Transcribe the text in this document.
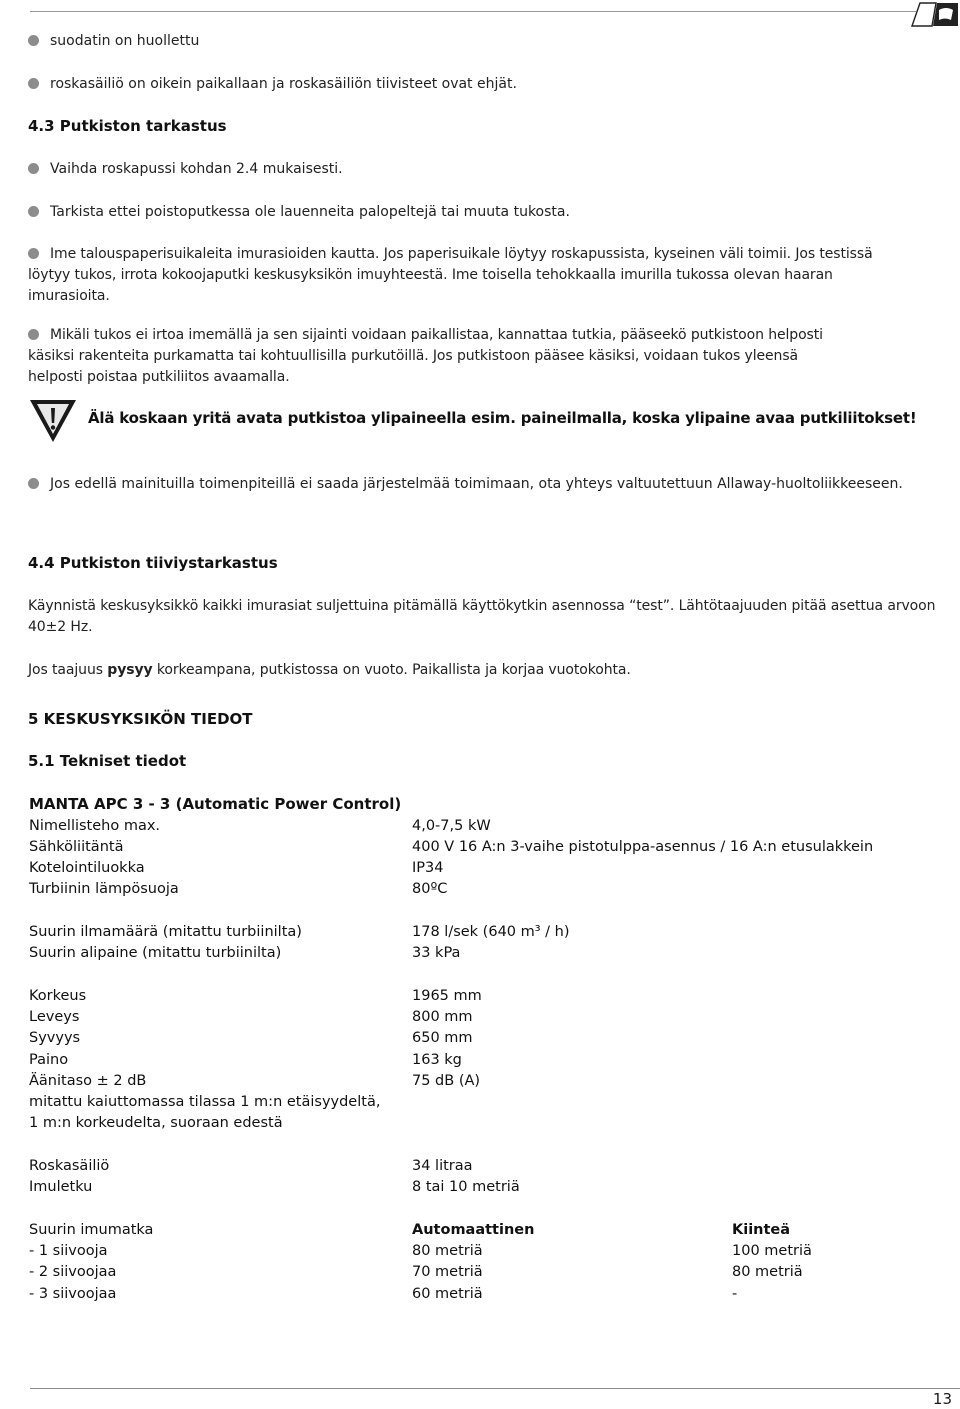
13
suodatin on huollettu
roskasäiliö on oikein paikallaan ja roskasäiliön tiivisteet ovat ehjät.
4.3 Putkiston tarkastus
Vaihda roskapussi kohdan 2.4 mukaisesti.
Tarkista ettei poistoputkessa ole lauenneita palopeltejä tai muuta tukosta.
Ime talouspaperisuikaleita imurasioiden kautta. Jos paperisuikale löytyy roskapussista, kyseinen väli toimii. Jos testissä
löytyy tukos, irrota kokoojaputki keskusyksikön imuyhteestä. Ime toisella tehokkaalla imurilla tukossa olevan haaran
imurasioita.
Mikäli tukos ei irtoa imemällä ja sen sijainti voidaan paikallistaa, kannattaa tutkia, pääseekö putkistoon helposti
käsiksi rakenteita purkamatta tai kohtuullisilla purkutöillä. Jos putkistoon pääsee käsiksi, voidaan tukos yleensä
helposti poistaa putkiliitos avaamalla.
Älä koskaan yritä avata putkistoa ylipaineella esim. paineilmalla, koska ylipaine avaa putkiliitokset!
Jos edellä mainituilla toimenpiteillä ei saada järjestelmää toimimaan, ota yhteys valtuutettuun Allaway-huoltoliikkeeseen.
4.4 Putkiston tiiviystarkastus
Käynnistä keskusyksikkö kaikki imurasiat suljettuina pitämällä käyttökytkin asennossa “test”. Lähtötaajuuden pitää asettua arvoon
40±2 Hz.
Jos taajuus pysyy korkeampana, putkistossa on vuoto. Paikallista ja korjaa vuotokohta.
5 KESKUSYKSIKÖN TIEDOT
5.1 Tekniset tiedot
MANTA APC 3 - 3 (Automatic Power Control)
Nimellisteho max.	4,0-7,5 kW
Sähköliitäntä	400 V 16 A:n 3-vaihe pistotulppa-asennus / 16 A:n etusulakkein
Kotelointiluokka	IP34
Turbiinin lämpösuoja	80ºC
Suurin ilmamäärä (mitattu turbiinilta)	178 l/sek (640 m³ / h)
Suurin alipaine (mitattu turbiinilta)	33 kPa
Korkeus	1965 mm
Leveys	800 mm
Syvyys	650 mm
Paino	163 kg
Äänitaso ± 2 dB	75 dB (A)
mitattu kaiuttomassa tilassa 1 m:n etäisyydeltä,
1 m:n korkeudelta, suoraan edestä
Roskasäiliö	34 litraa
Imuletku	8 tai 10 metriä
Suurin imumatka	Automaattinen	Kiinteä
- 1 siivooja	80 metriä	100 metriä
- 2 siivoojaa	70 metriä	80 metriä
- 3 siivoojaa	60 metriä	-
